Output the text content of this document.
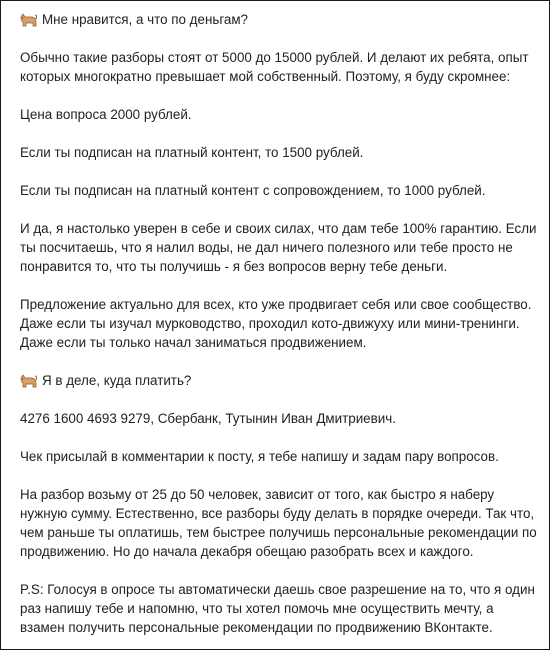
Мне нравится, а что по деньгам?

Обычно такие разборы стоят от 5000 до 15000 рублей. И делают их ребята, опыт
которых многократно превышает мой собственный. Поэтому, я буду скромнее:

Цена вопроса 2000 рублей.

Если ты подписан на платный контент, то 1500 рублей.

Если ты подписан на платный контент с сопровождением, то 1000 рублей.

И да, я настолько уверен в себе и своих силах, что дам тебе 100% гарантию. Если
ты посчитаешь, что я налил воды, не дал ничего полезного или тебе просто не
понравится то, что ты получишь - я без вопросов верну тебе деньги.

Предложение актуально для всех, кто уже продвигает себя или свое сообщество.
Даже если ты изучал мурководство, проходил кото-движуху или мини-тренинги.
Даже если ты только начал заниматься продвижением.

Я в деле, куда платить?

4276 1600 4693 9279, Сбербанк, Тутынин Иван Дмитриевич.

Чек присылай в комментарии к посту, я тебе напишу и задам пару вопросов.

На разбор возьму от 25 до 50 человек, зависит от того, как быстро я наберу
нужную сумму. Естественно, все разборы буду делать в порядке очереди. Так что,
чем раньше ты оплатишь, тем быстрее получишь персональные рекомендации по
продвижению. Но до начала декабря обещаю разобрать всех и каждого.

P.S: Голосуя в опросе ты автоматически даешь свое разрешение на то, что я один
раз напишу тебе и напомню, что ты хотел помочь мне осуществить мечту, а
взамен получить персональные рекомендации по продвижению ВКонтакте.
